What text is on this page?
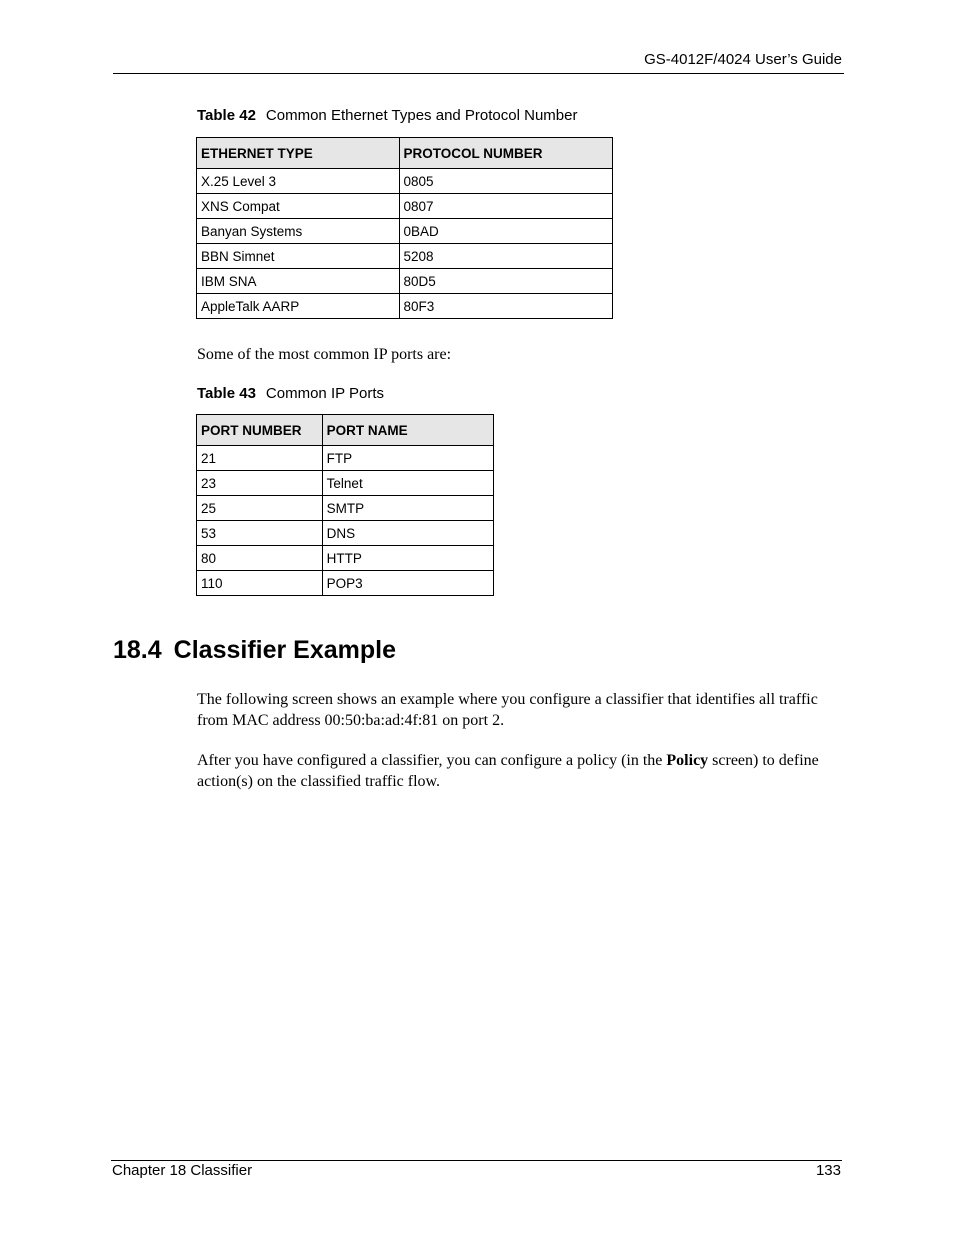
GS-4012F/4024 User’s Guide
Table 42 Common Ethernet Types and Protocol Number
ETHERNET TYPE	PROTOCOL NUMBER
X.25 Level 3	0805
XNS Compat	0807
Banyan Systems	0BAD
BBN Simnet	5208
IBM SNA	80D5
AppleTalk AARP	80F3
Some of the most common IP ports are:
Table 43 Common IP Ports
PORT NUMBER	PORT NAME
21	FTP
23	Telnet
25	SMTP
53	DNS
80	HTTP
110	POP3
18.4 Classifier Example
The following screen shows an example where you configure a classifier that identifies all traffic from MAC address 00:50:ba:ad:4f:81 on port 2.
After you have configured a classifier, you can configure a policy (in the Policy screen) to define action(s) on the classified traffic flow.
Chapter 18 Classifier	133
